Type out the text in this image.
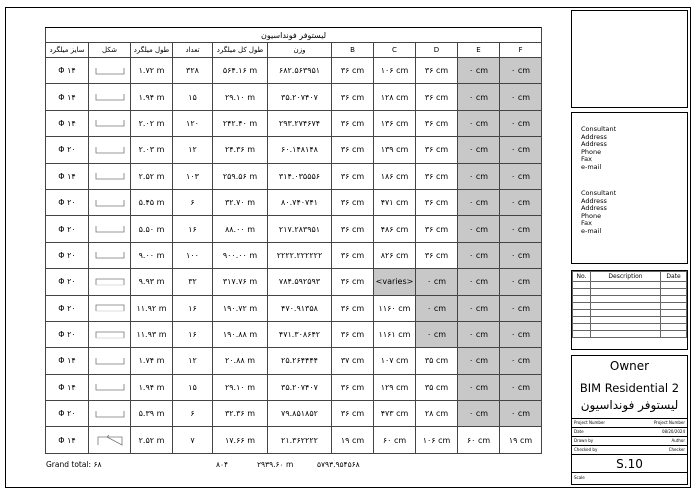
لیستوفر فونداسیون										
سایز میلگرد	شکل	طول میلگرد	تعداد	طول کل میلگرد	وزن	B	C	D	E	F
Φ ۱۴		۱.۷۲ m	۳۲۸	۵۶۴.۱۶ m	۶۸۲.۵۶۳۹۵۱	۳۶ cm	۱۰۶ cm	۳۶ cm	۰ cm	۰ cm
Φ ۱۴		۱.۹۴ m	۱۵	۲۹.۱۰ m	۳۵.۲۰۷۴۰۷	۳۶ cm	۱۲۸ cm	۳۶ cm	۰ cm	۰ cm
Φ ۱۴		۲.۰۲ m	۱۲۰	۲۴۲.۴۰ m	۲۹۳.۲۷۴۶۷۴	۳۶ cm	۱۳۶ cm	۳۶ cm	۰ cm	۰ cm
Φ ۲۰		۲.۰۳ m	۱۲	۲۴.۳۶ m	۶۰.۱۴۸۱۴۸	۳۶ cm	۱۳۹ cm	۳۶ cm	۰ cm	۰ cm
Φ ۱۴		۲.۵۲ m	۱۰۳	۲۵۹.۵۶ m	۳۱۴.۰۳۵۵۵۶	۳۶ cm	۱۸۶ cm	۳۶ cm	۰ cm	۰ cm
Φ ۲۰		۵.۴۵ m	۶	۳۲.۷۰ m	۸۰.۷۴۰۷۴۱	۳۶ cm	۴۷۱ cm	۳۶ cm	۰ cm	۰ cm
Φ ۲۰		۵.۵۰ m	۱۶	۸۸.۰۰ m	۲۱۷.۲۸۳۹۵۱	۳۶ cm	۴۸۶ cm	۳۶ cm	۰ cm	۰ cm
Φ ۲۰		۹.۰۰ m	۱۰۰	۹۰۰.۰۰ m	۲۲۲۲.۲۲۲۲۲۲	۳۶ cm	۸۲۶ cm	۳۶ cm	۰ cm	۰ cm
Φ ۲۰		۹.۹۳ m	۳۲	۳۱۷.۷۶ m	۷۸۴.۵۹۲۵۹۳	۳۶ cm	<varies>	۰ cm	۰ cm	۰ cm
Φ ۲۰		۱۱.۹۲ m	۱۶	۱۹۰.۷۲ m	۴۷۰.۹۱۳۵۸	۳۶ cm	۱۱۶۰ cm	۰ cm	۰ cm	۰ cm
Φ ۲۰		۱۱.۹۳ m	۱۶	۱۹۰.۸۸ m	۴۷۱.۳۰۸۶۴۲	۳۶ cm	۱۱۶۱ cm	۰ cm	۰ cm	۰ cm
Φ ۱۴		۱.۷۴ m	۱۲	۲۰.۸۸ m	۲۵.۲۶۴۴۴۴	۳۷ cm	۱۰۷ cm	۳۵ cm	۰ cm	۰ cm
Φ ۱۴		۱.۹۴ m	۱۵	۲۹.۱۰ m	۳۵.۲۰۷۴۰۷	۳۶ cm	۱۲۹ cm	۳۵ cm	۰ cm	۰ cm
Φ ۲۰		۵.۳۹ m	۶	۳۲.۳۶ m	۷۹.۸۵۱۸۵۲	۳۶ cm	۴۷۳ cm	۲۸ cm	۰ cm	۰ cm
Φ ۱۴		۲.۵۲ m	۷	۱۷.۶۶ m	۲۱.۳۶۲۲۲۲	۱۹ cm	۶۰ cm	۱۰۶ cm	۶۰ cm	۱۹ cm
Grand total: ۶۸	۸۰۴	۲۹۳۹.۶۰ m	۵۷۹۳.۹۵۴۵۶۸
Consultant
Address
Address
Phone
Fax
e-mail
Consultant
Address
Address
Phone
Fax
e-mail
No.	Description	Date

Owner
BIM Residential 2
لیستوفر فونداسیون
Project Number	Project Number
Date	08/20/2024
Drawn by	Author
Checked by	Checker
S.10
Scale
